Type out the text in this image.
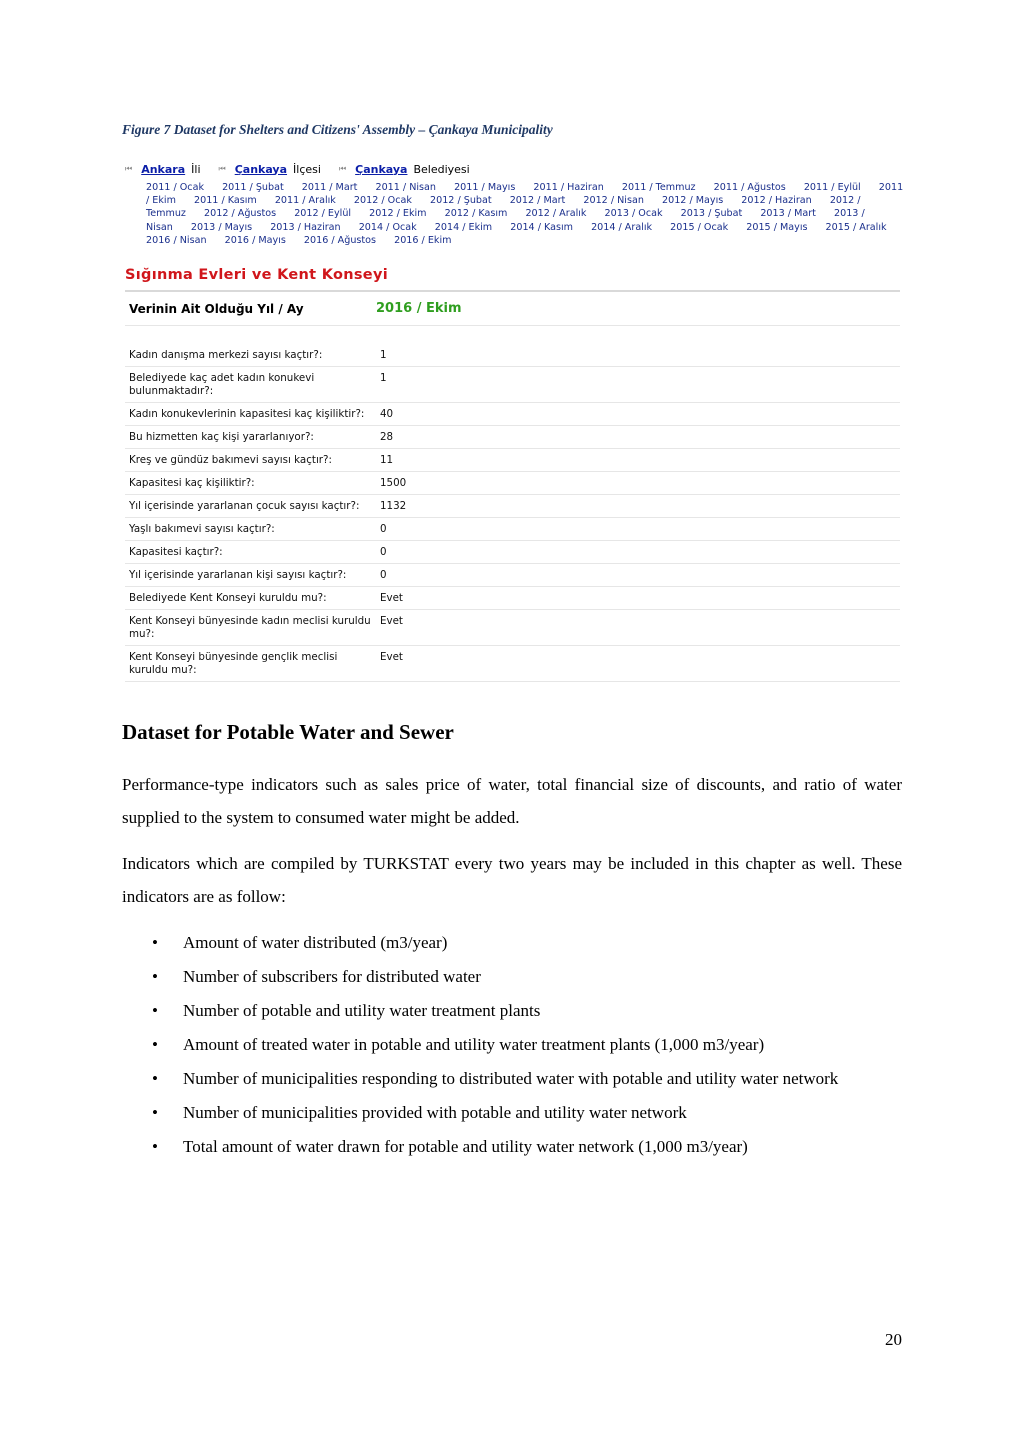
Figure 7 Dataset for Shelters and Citizens' Assembly – Çankaya Municipality
⏮ Ankara İli ⏮ Çankaya İlçesi ⏮ Çankaya Belediyesi
2011 / Ocak 2011 / Şubat 2011 / Mart 2011 / Nisan 2011 / Mayıs 2011 / Haziran 2011 / Temmuz 2011 / Ağustos 2011 / Eylül 2011 / Ekim 2011 / Kasım 2011 / Aralık 2012 / Ocak 2012 / Şubat 2012 / Mart 2012 / Nisan 2012 / Mayıs 2012 / Haziran 2012 / Temmuz 2012 / Ağustos 2012 / Eylül 2012 / Ekim 2012 / Kasım 2012 / Aralık 2013 / Ocak 2013 / Şubat 2013 / Mart 2013 / Nisan 2013 / Mayıs 2013 / Haziran 2014 / Ocak 2014 / Ekim 2014 / Kasım 2014 / Aralık 2015 / Ocak 2015 / Mayıs 2015 / Aralık 2016 / Nisan 2016 / Mayıs 2016 / Ağustos 2016 / Ekim
Sığınma Evleri ve Kent Konseyi
Verinin Ait Olduğu Yıl / Ay	2016 / Ekim
Kadın danışma merkezi sayısı kaçtır?:	1
Belediyede kaç adet kadın konukevi bulunmaktadır?:
1
Kadın konukevlerinin kapasitesi kaç kişiliktir?:	40
Bu hizmetten kaç kişi yararlanıyor?:	28
Kreş ve gündüz bakımevi sayısı kaçtır?:	11
Kapasitesi kaç kişiliktir?:	1500
Yıl içerisinde yararlanan çocuk sayısı kaçtır?:	1132
Yaşlı bakımevi sayısı kaçtır?:	0
Kapasitesi kaçtır?:	0
Yıl içerisinde yararlanan kişi sayısı kaçtır?:	0
Belediyede Kent Konseyi kuruldu mu?:	Evet
Kent Konseyi bünyesinde kadın meclisi kuruldu mu?:
Evet
Kent Konseyi bünyesinde gençlik meclisi kuruldu mu?:
Evet
Dataset for Potable Water and Sewer

Performance-type indicators such as sales price of water, total financial size of discounts, and ratio of water supplied to the system to consumed water might be added.

Indicators which are compiled by TURKSTAT every two years may be included in this chapter as well. These indicators are as follow:

• Amount of water distributed (m3/year)
• Number of subscribers for distributed water
• Number of potable and utility water treatment plants
• Amount of treated water in potable and utility water treatment plants (1,000 m3/year)
• Number of municipalities responding to distributed water with potable and utility water network
• Number of municipalities provided with potable and utility water network
• Total amount of water drawn for potable and utility water network (1,000 m3/year)
20
